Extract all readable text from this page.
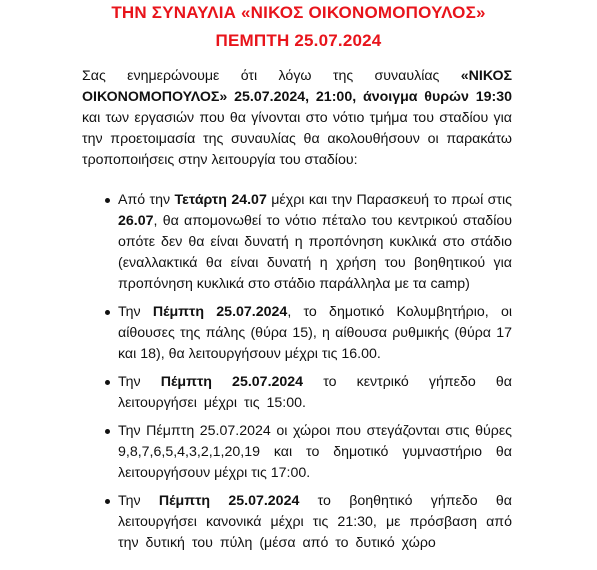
ΤΗΝ ΣΥΝΑΥΛΙΑ «ΝΙΚΟΣ ΟΙΚΟΝΟΜΟΠΟΥΛΟΣ»
ΠΕΜΠΤΗ 25.07.2024
Σας ενημερώνουμε ότι λόγω της συναυλίας «ΝΙΚΟΣ ΟΙΚΟΝΟΜΟΠΟΥΛΟΣ» 25.07.2024, 21:00, άνοιγμα θυρών 19:30 και των εργασιών που θα γίνονται στο νότιο τμήμα του σταδίου για την προετοιμασία της συναυλίας θα ακολουθήσουν οι παρακάτω τροποποιήσεις στην λειτουργία του σταδίου:
Από την Τετάρτη 24.07 μέχρι και την Παρασκευή το πρωί στις 26.07, θα απομονωθεί το νότιο πέταλο του κεντρικού σταδίου οπότε δεν θα είναι δυνατή η προπόνηση κυκλικά στο στάδιο (εναλλακτικά θα είναι δυνατή η χρήση του βοηθητικού για προπόνηση κυκλικά στο στάδιο παράλληλα με τα camp)
Την Πέμπτη 25.07.2024, το δημοτικό Κολυμβητήριο, οι αίθουσες της πάλης (θύρα 15), η αίθουσα ρυθμικής (θύρα 17 και 18), θα λειτουργήσουν μέχρι τις 16.00.
Την Πέμπτη 25.07.2024 το κεντρικό γήπεδο θα λειτουργήσει μέχρι τις 15:00.
Την Πέμπτη 25.07.2024 οι χώροι που στεγάζονται στις θύρες 9,8,7,6,5,4,3,2,1,20,19 και το δημοτικό γυμναστήριο θα λειτουργήσουν μέχρι τις 17:00.
Την Πέμπτη 25.07.2024 το βοηθητικό γήπεδο θα λειτουργήσει κανονικά μέχρι τις 21:30, με πρόσβαση από την δυτική του πύλη (μέσα από το δυτικό χώρο
